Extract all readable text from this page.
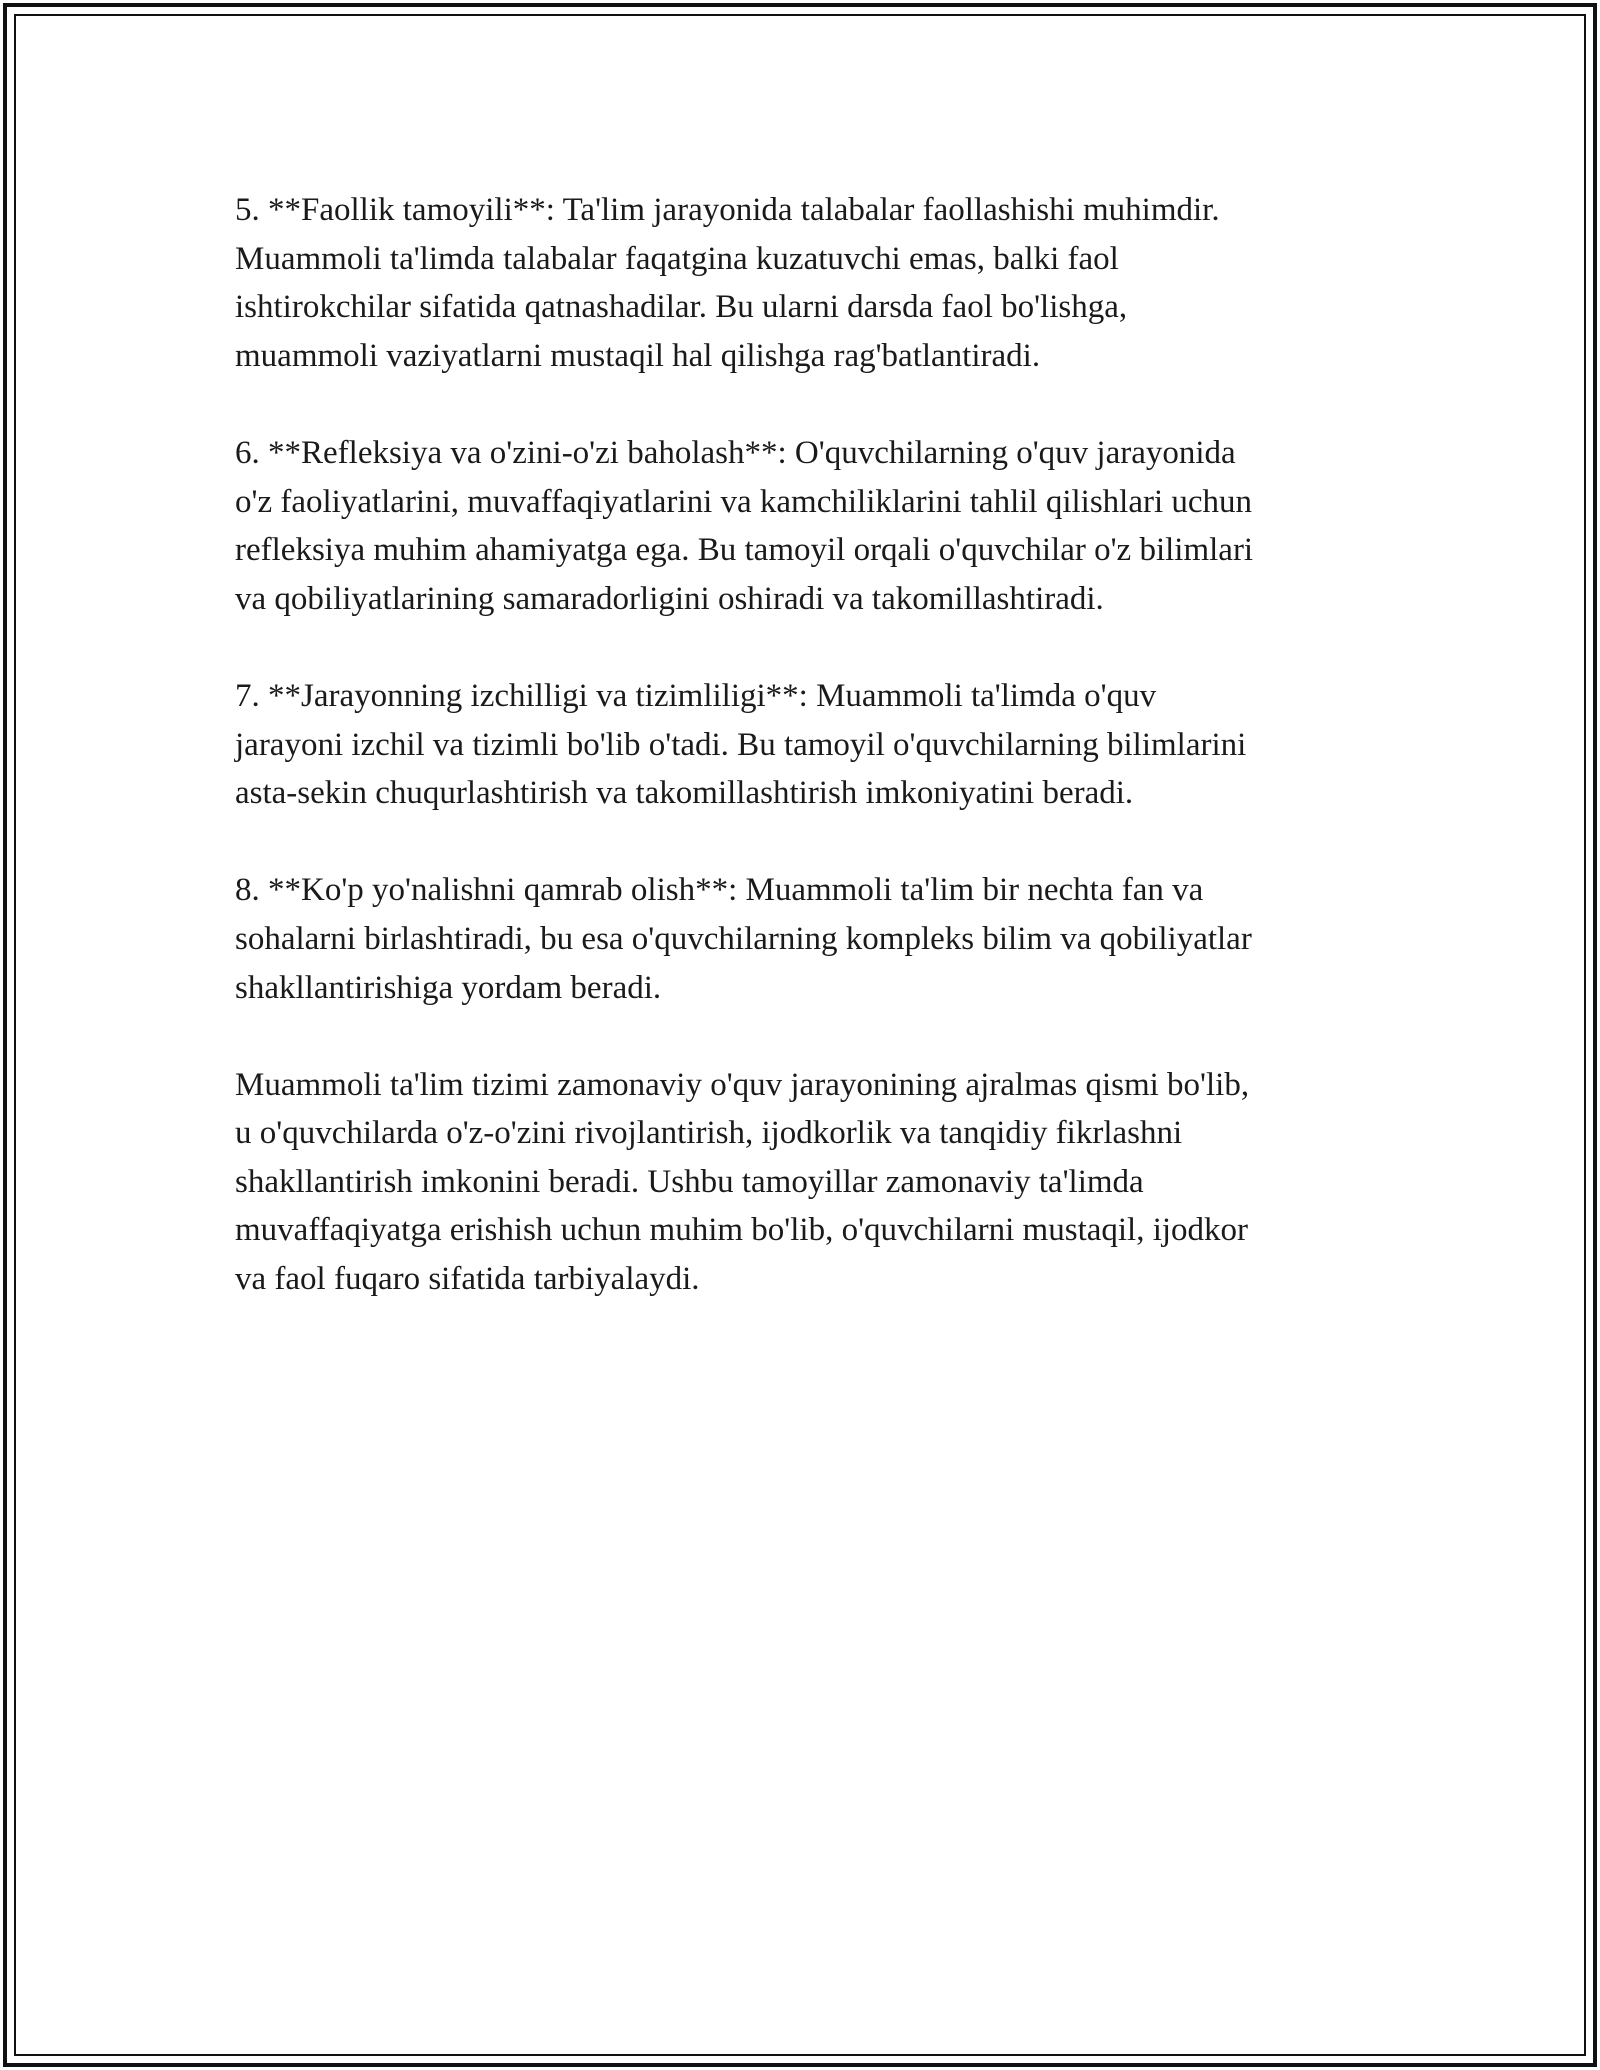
5. **Faollik tamoyili**: Ta'lim jarayonida talabalar faollashishi muhimdir.
Muammoli ta'limda talabalar faqatgina kuzatuvchi emas, balki faol
ishtirokchilar sifatida qatnashadilar. Bu ularni darsda faol bo'lishga,
muammoli vaziyatlarni mustaqil hal qilishga rag'batlantiradi.

6. **Refleksiya va o'zini-o'zi baholash**: O'quvchilarning o'quv jarayonida
o'z faoliyatlarini, muvaffaqiyatlarini va kamchiliklarini tahlil qilishlari uchun
refleksiya muhim ahamiyatga ega. Bu tamoyil orqali o'quvchilar o'z bilimlari
va qobiliyatlarining samaradorligini oshiradi va takomillashtiradi.

7. **Jarayonning izchilligi va tizimliligi**: Muammoli ta'limda o'quv
jarayoni izchil va tizimli bo'lib o'tadi. Bu tamoyil o'quvchilarning bilimlarini
asta-sekin chuqurlashtirish va takomillashtirish imkoniyatini beradi.

8. **Ko'p yo'nalishni qamrab olish**: Muammoli ta'lim bir nechta fan va
sohalarni birlashtiradi, bu esa o'quvchilarning kompleks bilim va qobiliyatlar
shakllantirishiga yordam beradi.

Muammoli ta'lim tizimi zamonaviy o'quv jarayonining ajralmas qismi bo'lib,
u o'quvchilarda o'z-o'zini rivojlantirish, ijodkorlik va tanqidiy fikrlashni
shakllantirish imkonini beradi. Ushbu tamoyillar zamonaviy ta'limda
muvaffaqiyatga erishish uchun muhim bo'lib, o'quvchilarni mustaqil, ijodkor
va faol fuqaro sifatida tarbiyalaydi.
